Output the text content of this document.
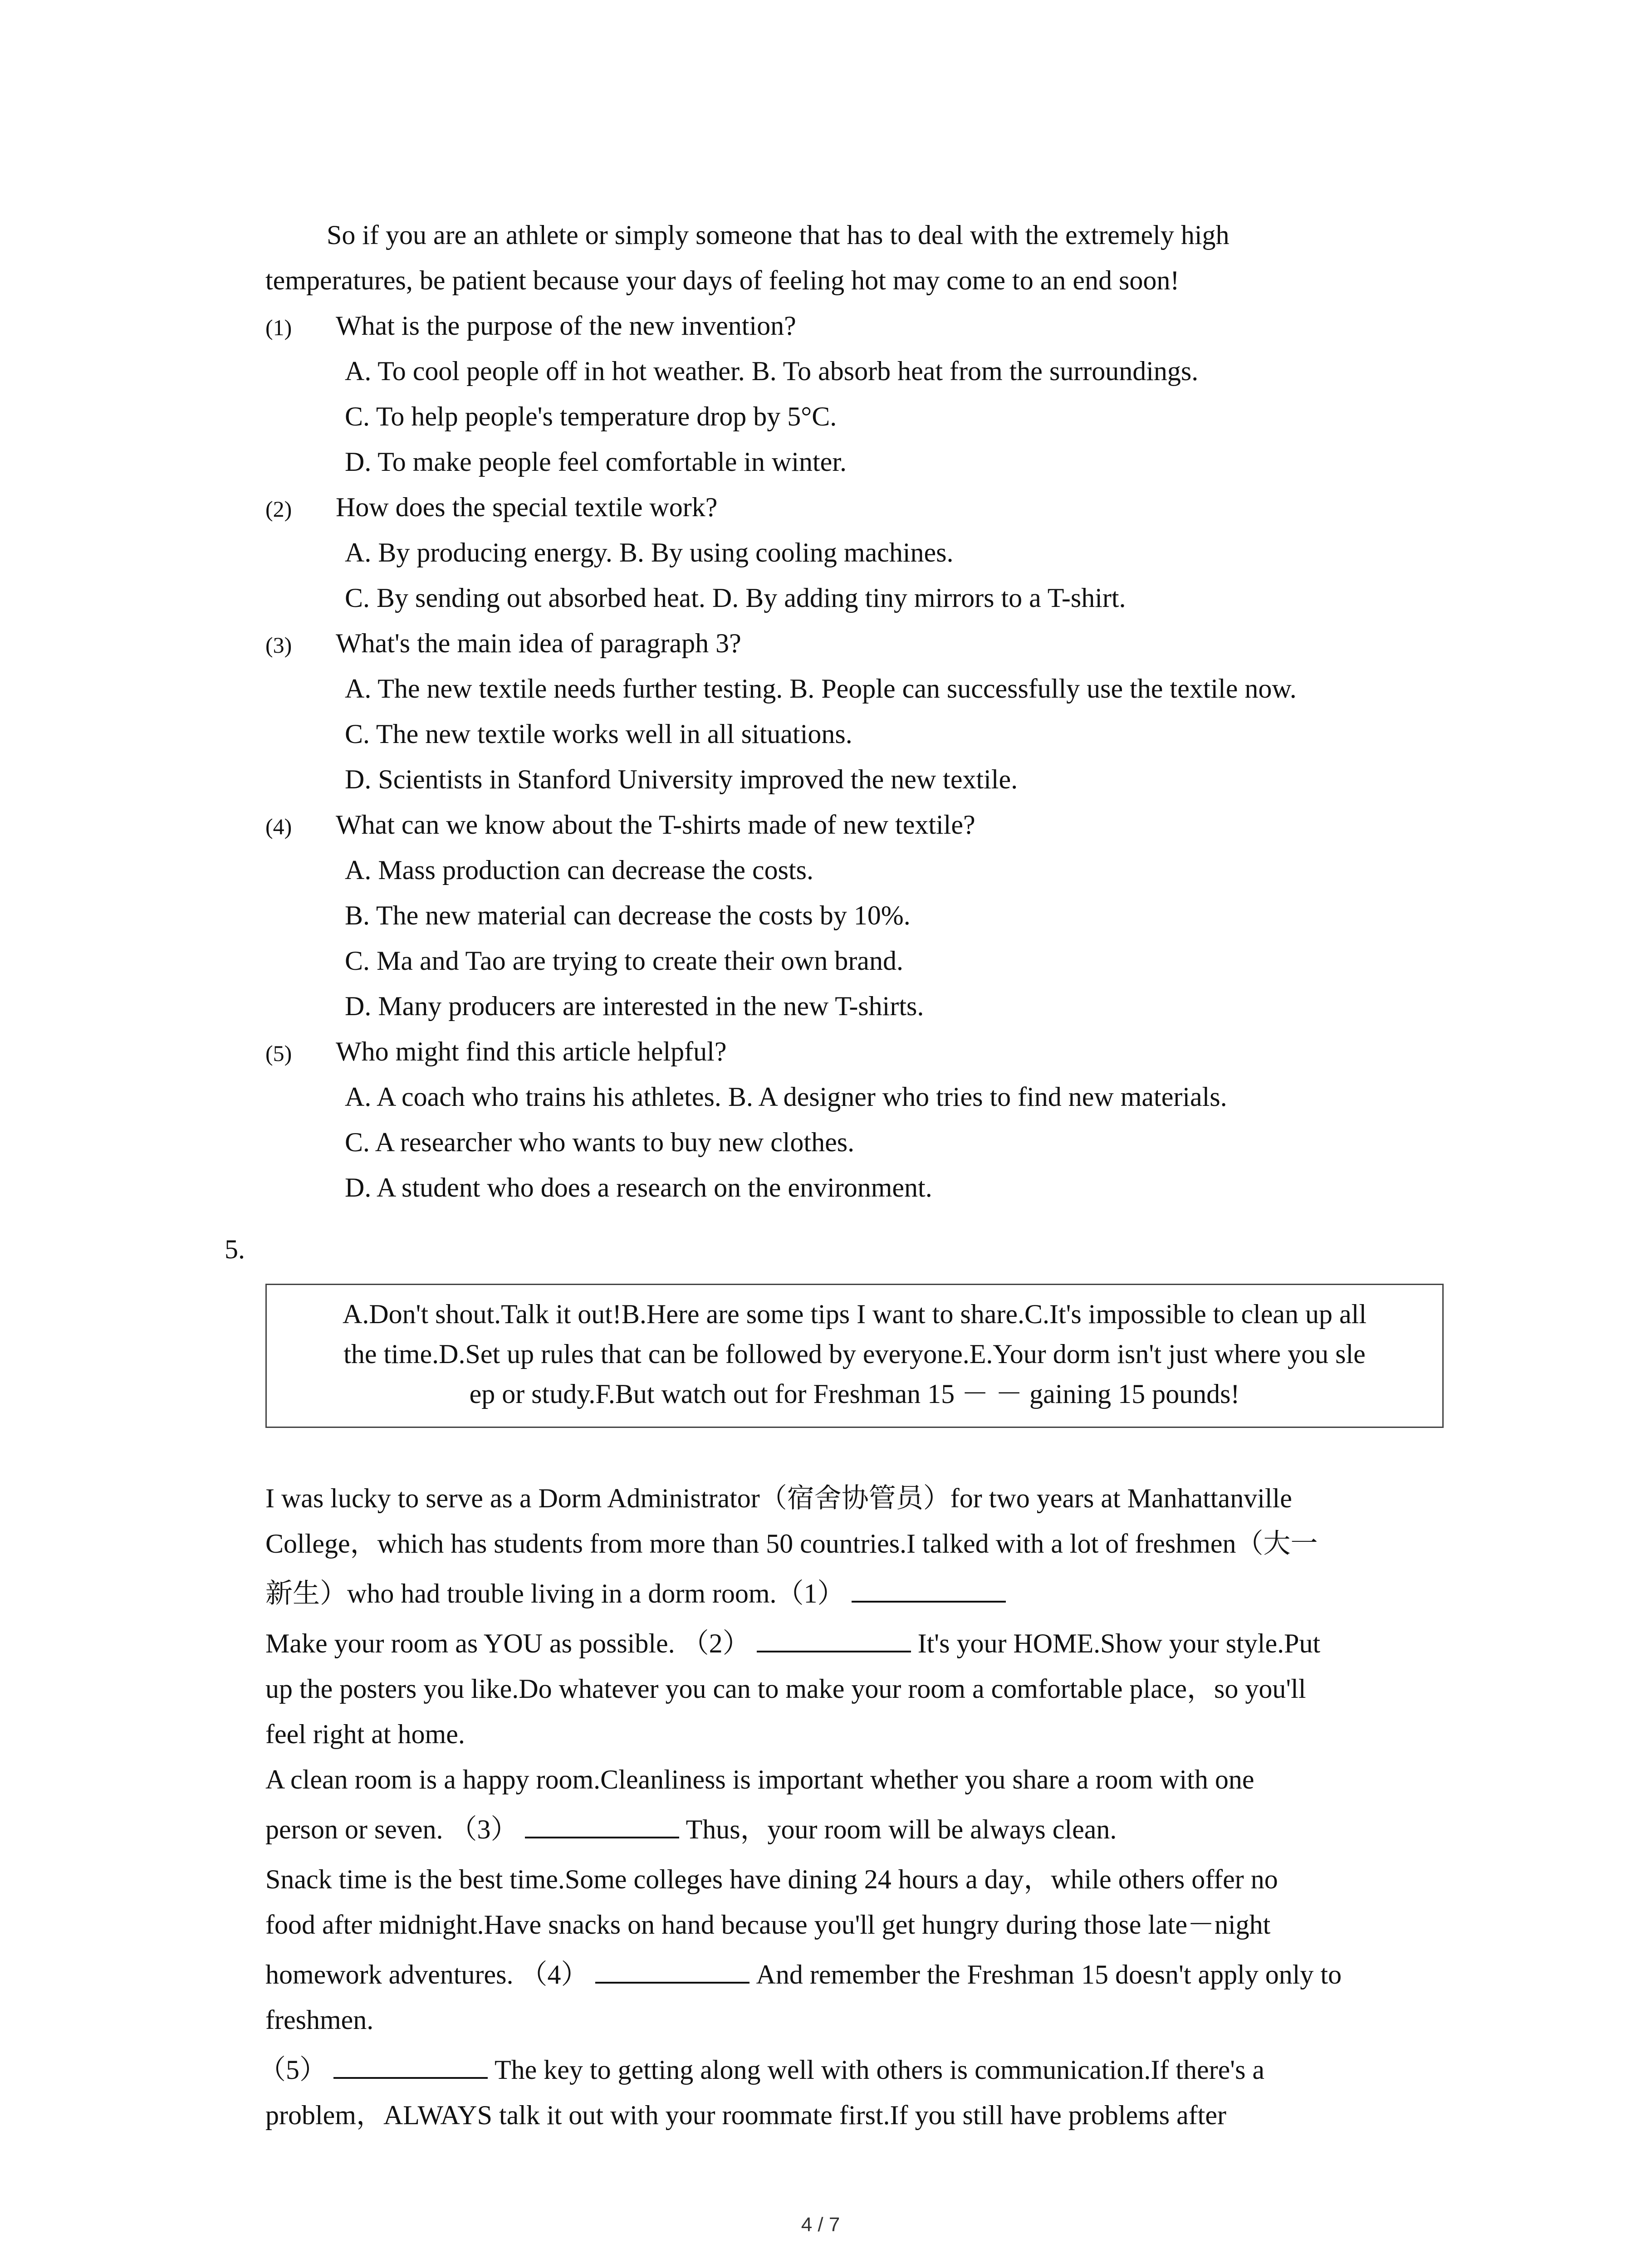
So if you are an athlete or simply someone that has to deal with the extremely high
temperatures, be patient because your days of feeling hot may come to an end soon!
(1) What is the purpose of the new invention?
A. To cool people off in hot weather. B. To absorb heat from the surroundings.
C. To help people's temperature drop by 5°C.
D. To make people feel comfortable in winter.
(2) How does the special textile work?
A. By producing energy. B. By using cooling machines.
C. By sending out absorbed heat. D. By adding tiny mirrors to a T-shirt.
(3) What's the main idea of paragraph 3?
A. The new textile needs further testing. B. People can successfully use the textile now.
C. The new textile works well in all situations.
D. Scientists in Stanford University improved the new textile.
(4) What can we know about the T-shirts made of new textile?
A. Mass production can decrease the costs.
B. The new material can decrease the costs by 10%.
C. Ma and Tao are trying to create their own brand.
D. Many producers are interested in the new T-shirts.
(5) Who might find this article helpful?
A. A coach who trains his athletes. B. A designer who tries to find new materials.
C. A researcher who wants to buy new clothes.
D. A student who does a research on the environment.
5.
A.Don't shout.Talk it out!B.Here are some tips I want to share.C.It's impossible to clean up all
the time.D.Set up rules that can be followed by everyone.E.Your dorm isn't just where you sle
ep or study.F.But watch out for Freshman 15 － － gaining 15 pounds!
I was lucky to serve as a Dorm Administrator（宿舍协管员）for two years at Manhattanville
College，which has students from more than 50 countries.I talked with a lot of freshmen（大一
新生）who had trouble living in a dorm room.（1）
Make your room as YOU as possible. （2）	It's your HOME.Show your style.Put
up the posters you like.Do whatever you can to make your room a comfortable place，so you'll
feel right at home.
A clean room is a happy room.Cleanliness is important whether you share a room with one
person or seven. （3）	Thus，your room will be always clean.
Snack time is the best time.Some colleges have dining 24 hours a day，while others offer no
food after midnight.Have snacks on hand because you'll get hungry during those late－night
homework adventures. （4）	And remember the Freshman 15 doesn't apply only to
freshmen.
（5）	The key to getting along well with others is communication.If there's a
problem，ALWAYS talk it out with your roommate first.If you still have problems after
4 / 7
